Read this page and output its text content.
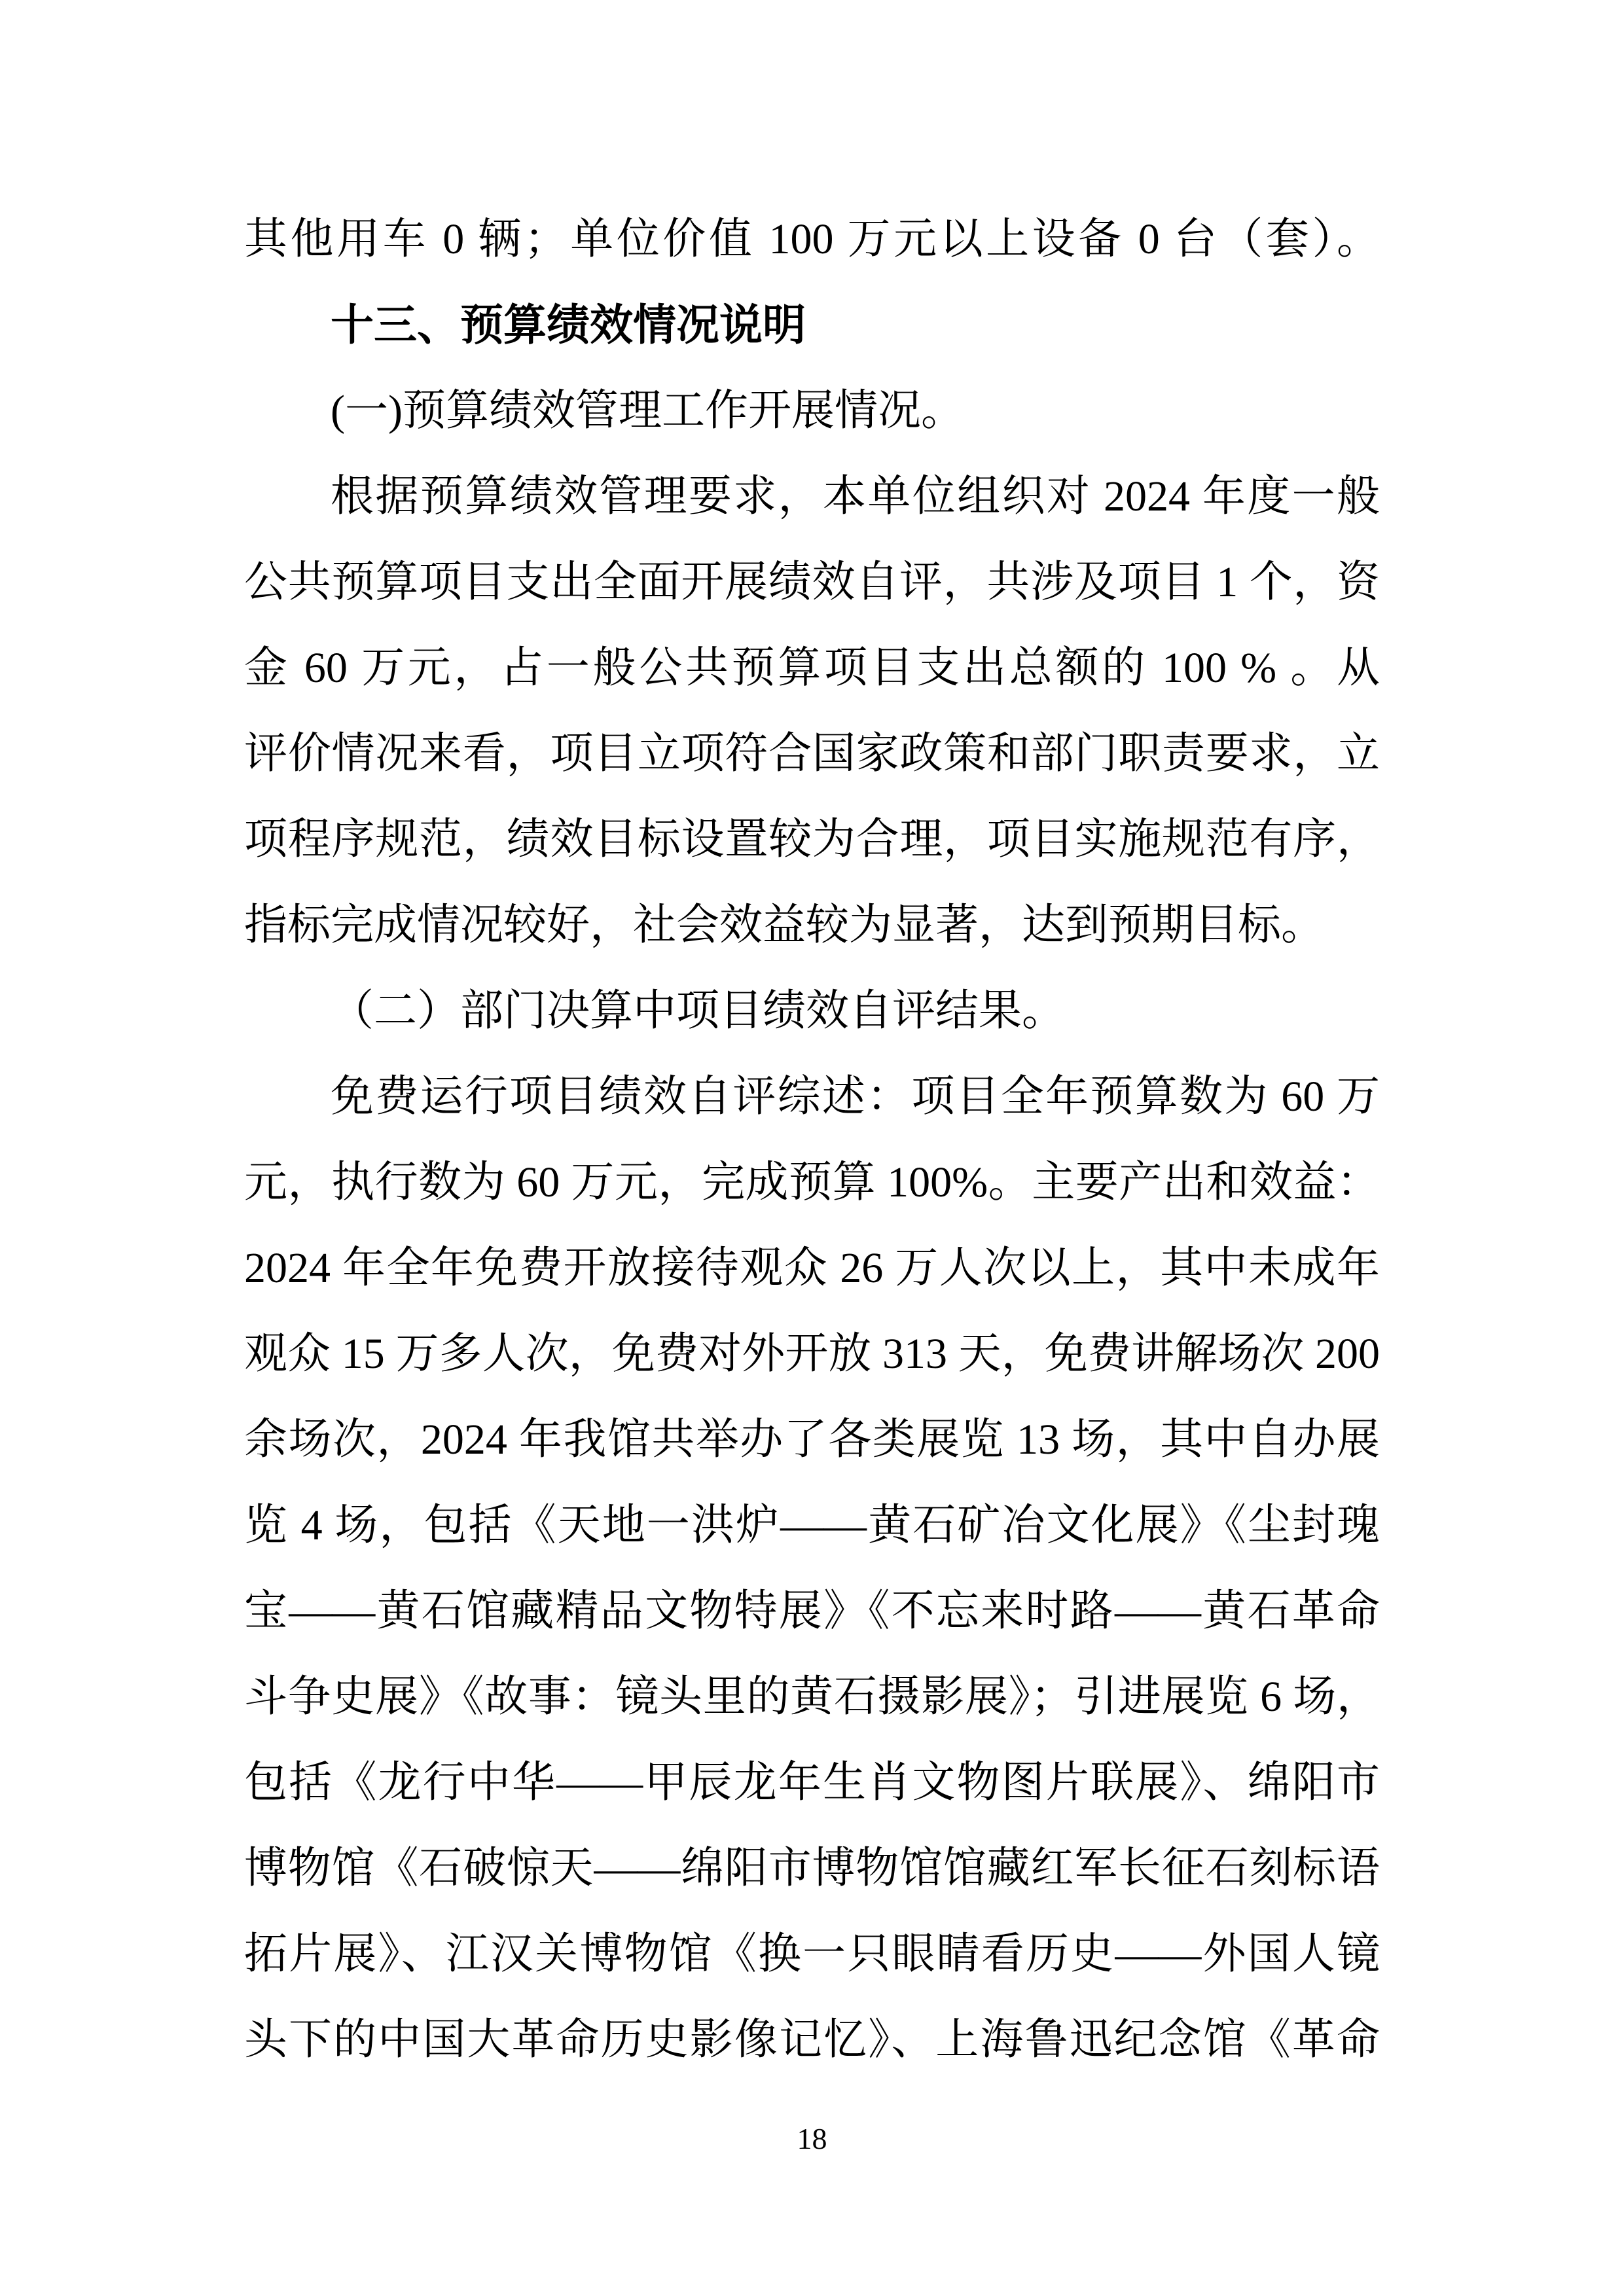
其他用车 0 辆；单位价值 100 万元以上设备 0 台（套）。
十三、预算绩效情况说明
(一)预算绩效管理工作开展情况。
根据预算绩效管理要求，本单位组织对 2024 年度一般
公共预算项目支出全面开展绩效自评，共涉及项目 1 个，资
金 60 万元，占一般公共预算项目支出总额的 100 % 。从
评价情况来看，项目立项符合国家政策和部门职责要求，立
项程序规范，绩效目标设置较为合理，项目实施规范有序，
指标完成情况较好，社会效益较为显著，达到预期目标。
（二）部门决算中项目绩效自评结果。
免费运行项目绩效自评综述：项目全年预算数为 60 万
元，执行数为 60 万元，完成预算 100%。主要产出和效益：
2024 年全年免费开放接待观众 26 万人次以上，其中未成年
观众 15 万多人次，免费对外开放 313 天，免费讲解场次 200
余场次，2024 年我馆共举办了各类展览 13 场，其中自办展
览 4 场，包括《天地一洪炉——黄石矿冶文化展》《尘封瑰
宝——黄石馆藏精品文物特展》《不忘来时路——黄石革命
斗争史展》《故事：镜头里的黄石摄影展》；引进展览 6 场，
包括《龙行中华——甲辰龙年生肖文物图片联展》、绵阳市
博物馆《石破惊天——绵阳市博物馆馆藏红军长征石刻标语
拓片展》、江汉关博物馆《换一只眼睛看历史——外国人镜
头下的中国大革命历史影像记忆》、上海鲁迅纪念馆《革命
18
